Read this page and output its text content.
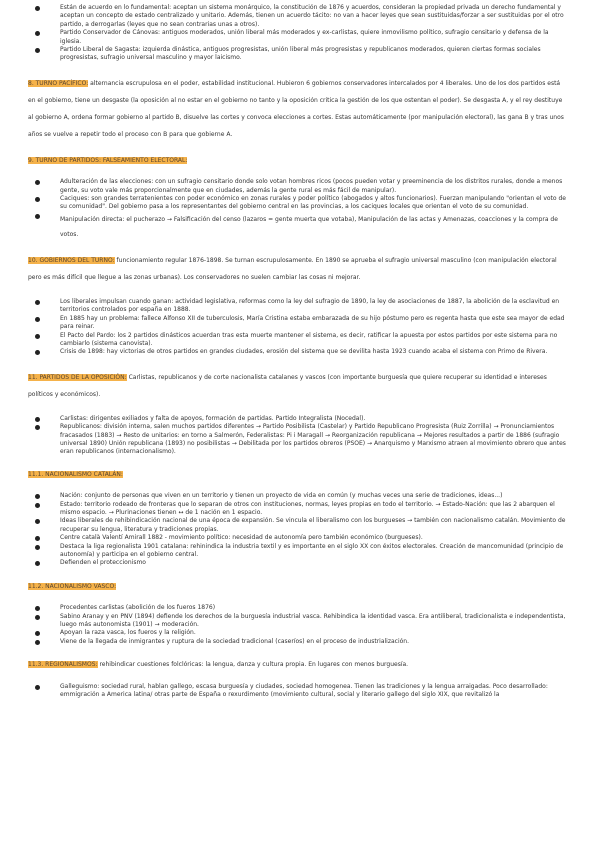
Están de acuerdo en lo fundamental: aceptan un sistema monárquico, la constitución de 1876 y acuerdos, consideran la propiedad privada un derecho fundamental y aceptan un concepto de estado centralizado y unitario. Además, tienen un acuerdo tácito: no van a hacer leyes que sean sustituidas/forzar a ser sustituidas por el otro partido, a derrogarlas (leyes que no sean contrarias unas a otros).
Partido Conservador de Cánovas: antiguos moderados, unión liberal más moderados y ex-carlistas, quiere inmovilismo político, sufragio censitario y defensa de la iglesia.
Partido Liberal de Sagasta: izquierda dinástica, antiguos progresistas, unión liberal más progresistas y republicanos moderados, quieren ciertas formas sociales progresistas, sufragio universal masculino y mayor laicismo.

8. TURNO PACÍFICO: alternancia escrupulosa en el poder, estabilidad institucional. Hubieron 6 gobiernos conservadores intercalados por 4 liberales. Uno de los dos partidos está en el gobierno, tiene un desgaste (la oposición al no estar en el gobierno no tanto y la oposición critica la gestión de los que ostentan el poder). Se desgasta A, y el rey destituye al gobierno A, ordena formar gobierno al partido B, disuelve las cortes y convoca elecciones a cortes. Estas automáticamente (por manipulación electoral), las gana B y tras unos años se vuelve a repetir todo el proceso con B para que gobierne A.

9. TURNO DE PARTIDOS: FALSEAMIENTO ELECTORAL:

Adulteración de las elecciones: con un sufragio censitario donde solo votan hombres ricos (pocos pueden votar y preeminencia de los distritos rurales, donde a menos gente, su voto vale más proporcionalmente que en ciudades, además la gente rural es más fácil de manipular).
Caciques: son grandes terratenientes con poder económico en zonas rurales y poder político (abogados y altos funcionarios). Fuerzan manipulando "orientan el voto de su comunidad". Del gobierno pasa a los representantes del gobierno central en las provincias, a los caciques locales que orientan el voto de su comunidad.
Manipulación directa: el pucherazo → Falsificación del censo (lazaros = gente muerta que votaba), Manipulación de las actas y Amenazas, coacciones y la compra de votos.

10. GOBIERNOS DEL TURNO: funcionamiento regular 1876-1898. Se turnan escrupulosamente. En 1890 se aprueba el sufragio universal masculino (con manipulación electoral pero es más difícil que llegue a las zonas urbanas). Los conservadores no suelen cambiar las cosas ni mejorar.

Los liberales impulsan cuando ganan: actividad legislativa, reformas como la ley del sufragio de 1890, la ley de asociaciones de 1887, la abolición de la esclavitud en territorios controlados por españa en 1888.
En 1885 hay un problema: fallece Alfonso XII de tuberculosis, María Cristina estaba embarazada de su hijo póstumo pero es regenta hasta que este sea mayor de edad para reinar.
El Pacto del Pardo: los 2 partidos dinásticos acuerdan tras esta muerte mantener el sistema, es decir, ratificar la apuesta por estos partidos por este sistema para no cambiarlo (sistema canovista).
Crisis de 1898: hay victorias de otros partidos en grandes ciudades, erosión del sistema que se devilita hasta 1923 cuando acaba el sistema con Primo de Rivera.

11. PARTIDOS DE LA OPOSICIÓN: Carlistas, republicanos y de corte nacionalista catalanes y vascos (con importante burguesía que quiere recuperar su identidad e intereses políticos y económicos).

Carlistas: dirigentes exiliados y falta de apoyos, formación de partidas. Partido Integralista (Nocedal).
Republicanos: división interna, salen muchos partidos diferentes → Partido Posibilista (Castelar) y Partido Republicano Progresista (Ruiz Zorrilla) → Pronunciamientos fracasados (1883) → Resto de unitarios: en torno a Salmerón, Federalistas: Pi i Maragall → Reorganización republicana → Mejores resultados a partir de 1886 (sufragio universal 1890) Unión republicana (1893) no posibilistas → Debilitada por los partidos obreros (PSOE) → Anarquismo y Marxismo atraen al movimiento obrero que antes eran republicanos (internacionalismo).

11.1. NACIONALISMO CATALÁN:

Nación: conjunto de personas que viven en un territorio y tienen un proyecto de vida en común (y muchas veces una serie de tradiciones, ideas...)
Estado: territorio rodeado de fronteras que lo separan de otros con instituciones, normas, leyes propias en todo el territorio. → Estado-Nación: que las 2 abarquen el mismo espacio. → Plurinaciones tienen ↔ de 1 nación en 1 espacio.
Ideas liberales de rehibindicación nacional de una época de expansión. Se vincula el liberalismo con los burgueses → también con nacionalismo catalán. Movimiento de recuperar su lengua, literatura y tradiciones propias.
Centre català Valentí Amirall 1882 - movimiento político: necesidad de autonomía pero también económico (burgueses).
Destaca la liga regionalista 1901 catalana: rehinindica la industria textil y es importante en el siglo XX con éxitos electorales. Creación de mancomunidad (principio de autonomía) y participa en el gobierno central.
Defienden el proteccionismo

11.2. NACIONALISMO VASCO:

Procedentes carlistas (abolición de los fueros 1876)
Sabino Aranay y en PNV (1894) defiende los derechos de la burguesía industrial vasca. Rehibindica la identidad vasca. Era antiliberal, tradicionalista e independentista, luego más autonomista (1901) → moderación.
Apoyan la raza vasca, los fueros y la religión.
Viene de la llegada de inmigrantes y ruptura de la sociedad tradicional (caseríos) en el proceso de industrialización.

11.3. REGIONALISMOS: rehibindicar cuestiones folclóricas: la lengua, danza y cultura propia. En lugares con menos burguesía.

Galleguismo: sociedad rural, hablan gallego, escasa burguesía y ciudades, sociedad homogenea. Tienen las tradiciones y la lengua arraigadas. Poco desarrollado: emmigración a America latina/ otras parte de España o rexurdimento (movimiento cultural, social y literario gallego del siglo XIX, que revitalizó la
